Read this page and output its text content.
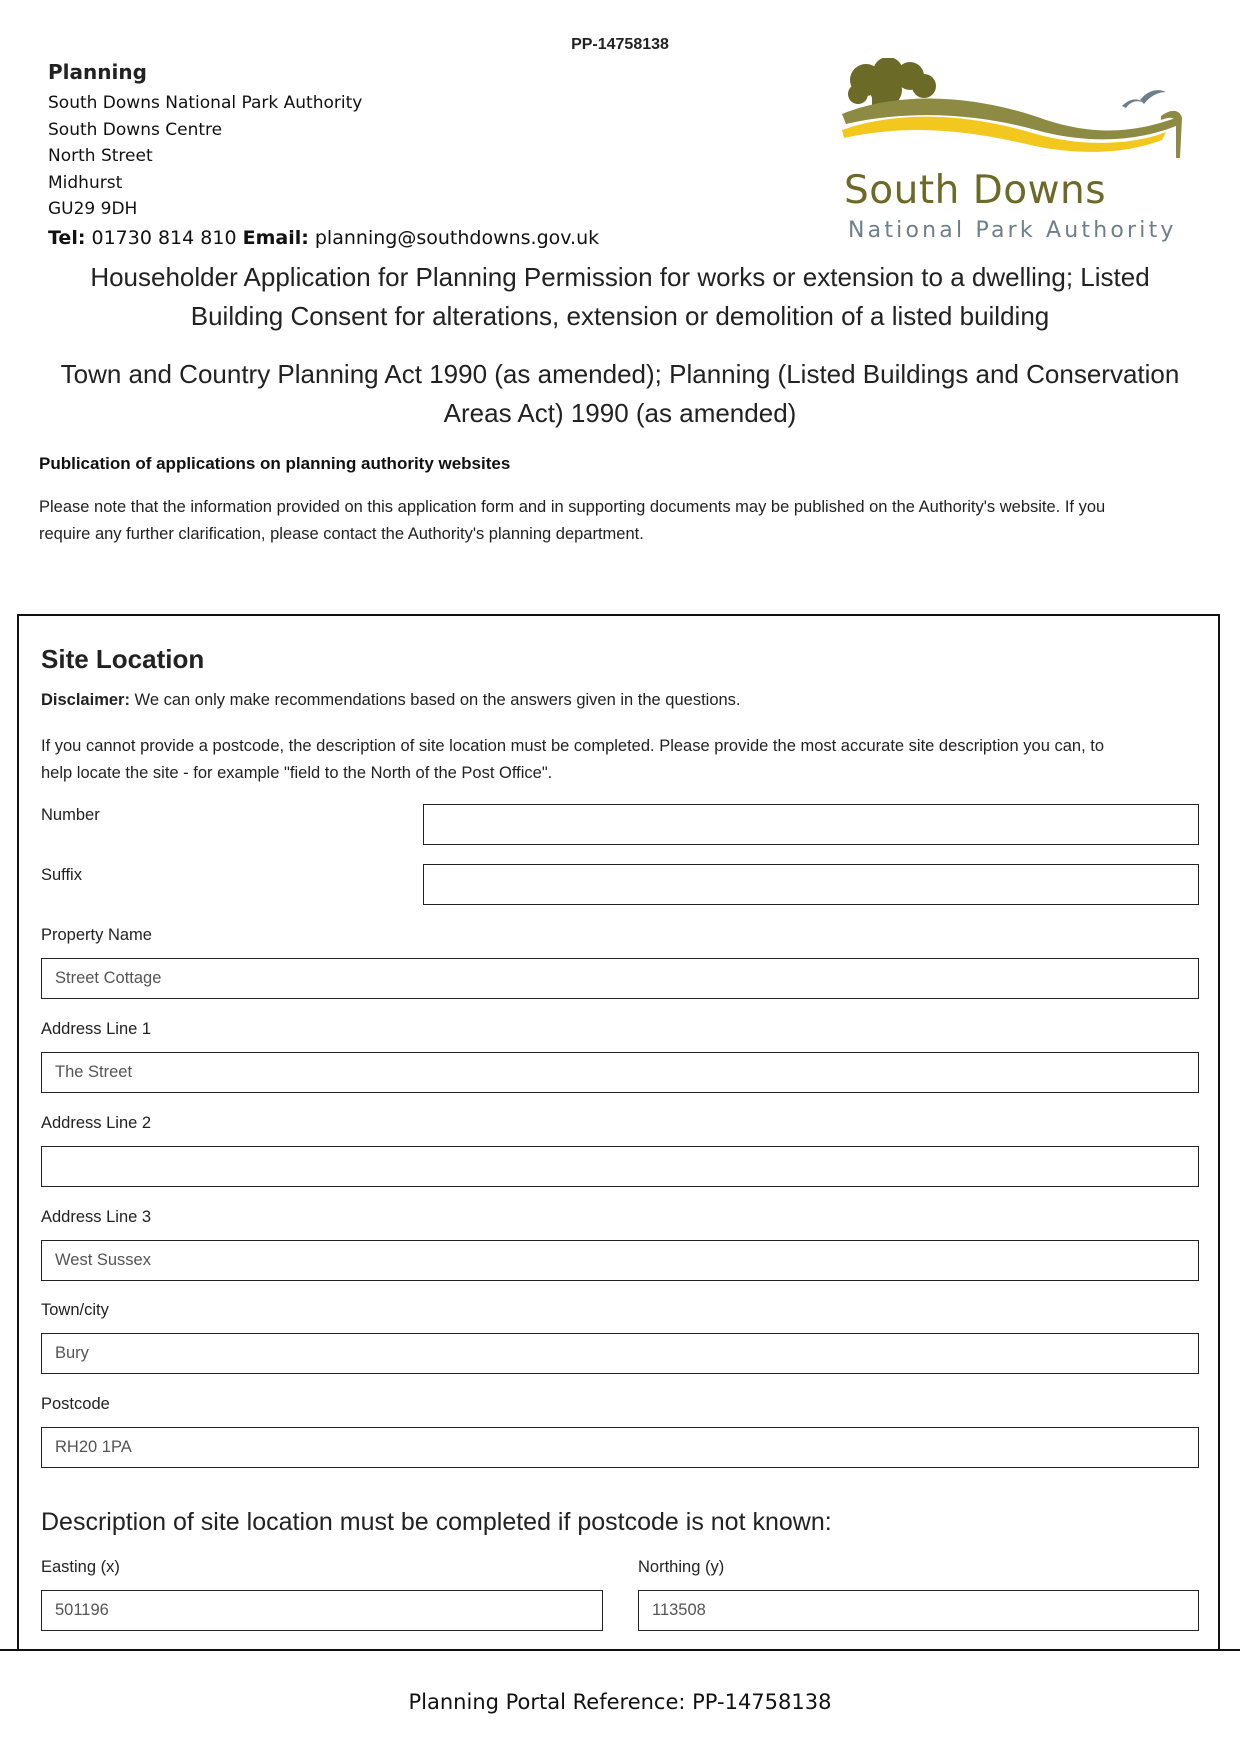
PP-14758138
Planning
South Downs National Park Authority
South Downs Centre
North Street
Midhurst
GU29 9DH
Tel: 01730 814 810 Email: planning@southdowns.gov.uk
South Downs
National Park Authority
Householder Application for Planning Permission for works or extension to a dwelling; Listed
Building Consent for alterations, extension or demolition of a listed building
Town and Country Planning Act 1990 (as amended); Planning (Listed Buildings and Conservation
Areas Act) 1990 (as amended)
Publication of applications on planning authority websites
Please note that the information provided on this application form and in supporting documents may be published on the Authority's website. If you
require any further clarification, please contact the Authority's planning department.
Site Location
Disclaimer: We can only make recommendations based on the answers given in the questions.
If you cannot provide a postcode, the description of site location must be completed. Please provide the most accurate site description you can, to
help locate the site - for example "field to the North of the Post Office".
Number
Suffix
Property Name
Street Cottage
Address Line 1
The Street
Address Line 2
Address Line 3
West Sussex
Town/city
Bury
Postcode
RH20 1PA
Description of site location must be completed if postcode is not known:
Easting (x)
501196
Northing (y)
113508
Planning Portal Reference: PP-14758138
